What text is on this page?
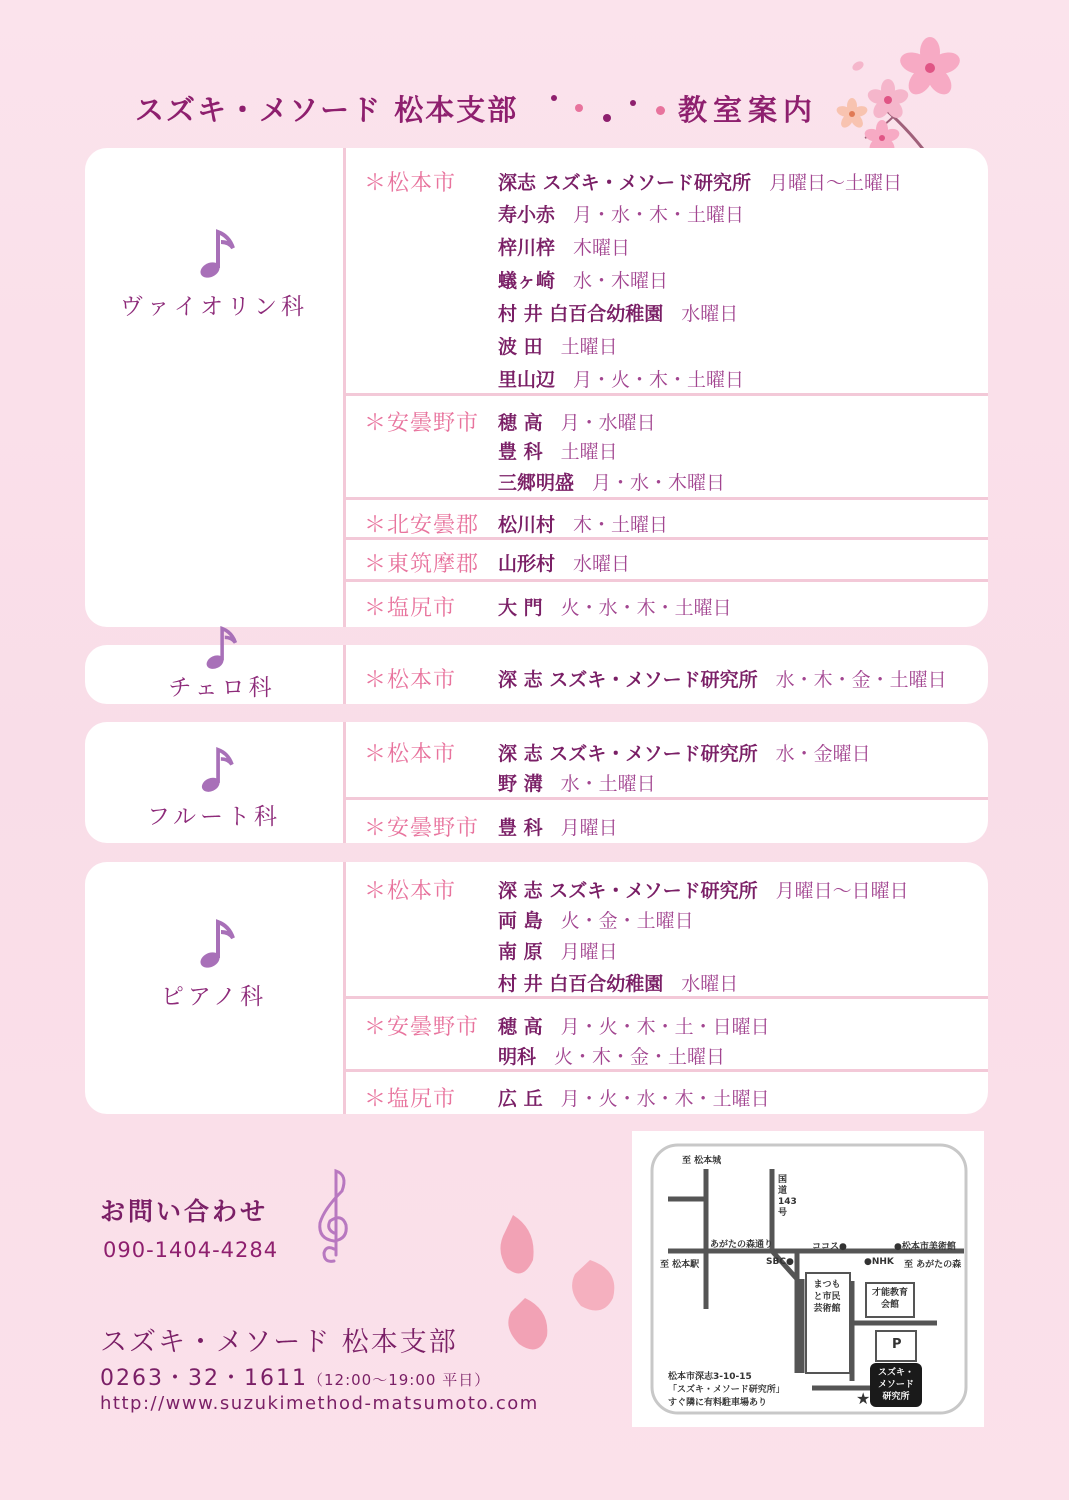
スズキ・メソード 松本支部	教室案内
ヴァイオリン科
＊松本市 深志 スズキ・メソード研究所 月曜日〜土曜日
寿小赤 月・水・木・土曜日
梓川梓 木曜日
蟻ヶ崎 水・木曜日
村 井 白百合幼稚園 水曜日
波 田 土曜日
里山辺 月・火・木・土曜日
＊安曇野市 穂 高 月・水曜日
豊 科 土曜日
三郷明盛 月・水・木曜日
＊北安曇郡 松川村 木・土曜日
＊東筑摩郡 山形村 水曜日
＊塩尻市 大 門 火・水・木・土曜日
チェロ科	＊松本市 深 志 スズキ・メソード研究所 水・木・金・土曜日
フルート科
＊松本市 深 志 スズキ・メソード研究所 水・金曜日
野 溝 水・土曜日
＊安曇野市 豊 科 月曜日
ピアノ科
＊松本市 深 志 スズキ・メソード研究所 月曜日〜日曜日
両 島 火・金・土曜日
南 原 月曜日
村 井 白百合幼稚園 水曜日
＊安曇野市 穂 高 月・火・木・土・日曜日
明科 火・木・金・土曜日
＊塩尻市 広 丘 月・火・水・木・土曜日
お問い合わせ
090-1404-4284
スズキ・メソード 松本支部
0263・32・1611（12:00〜19:00 平日）
http://www.suzukimethod-matsumoto.com
至 松本城
国道143号
あがたの森通り	ココス●	●松本市美術館
至 松本駅	SBC●	●NHK 至 あがたの森
まつもと市民芸術館
才能教育会館
P
スズキ・メソード研究所
松本市深志3-10-15
「スズキ・メソード研究所」
すぐ隣に有料駐車場あり	★
